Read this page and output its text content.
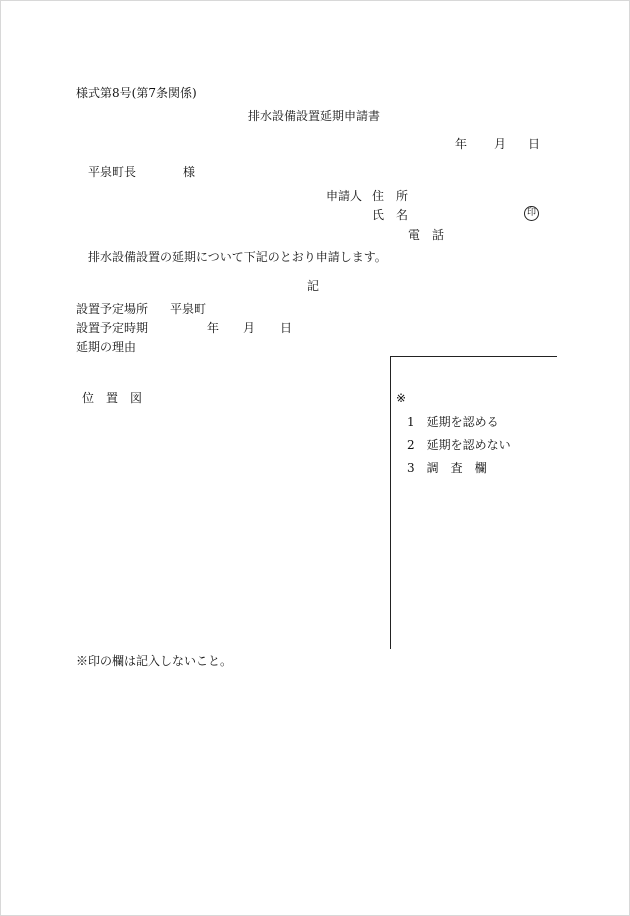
様式第8号(第7条関係)
排水設備設置延期申請書
年 月 日
平泉町長	様
申請人 住　所
氏　名	印
電　話
排水設備設置の延期について下記のとおり申請します。
記
設置予定場所 平泉町
設置予定時期	年 月 日
延期の理由
位　置　図	※
1　延期を認める
2　延期を認めない
3　調　査　欄
※印の欄は記入しないこと。
